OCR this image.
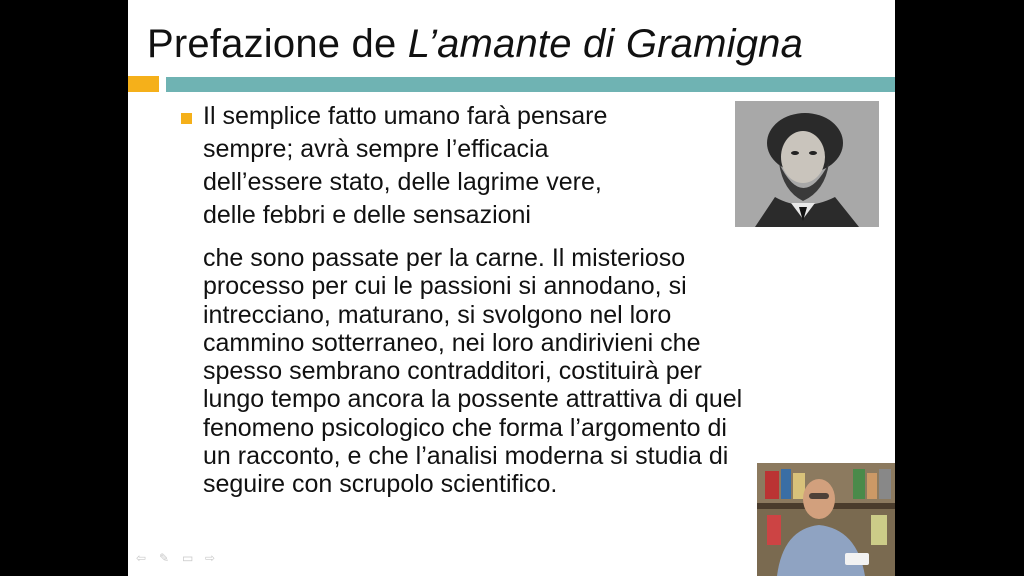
Prefazione de L’amante di Gramigna
Il semplice fatto umano farà pensare
sempre; avrà sempre l’efficacia
dell’essere stato, delle lagrime vere,
delle febbri e delle sensazioni
che sono passate per la carne. Il misterioso
processo per cui le passioni si annodano, si
intrecciano, maturano, si svolgono nel loro
cammino sotterraneo, nei loro andirivieni che
spesso sembrano contradditori, costituirà per
lungo tempo ancora la possente attrattiva di quel
fenomeno psicologico che forma l’argomento di
un racconto, e che l’analisi moderna si studia di
seguire con scrupolo scientifico.
⇦	✎	▭ ⇨
